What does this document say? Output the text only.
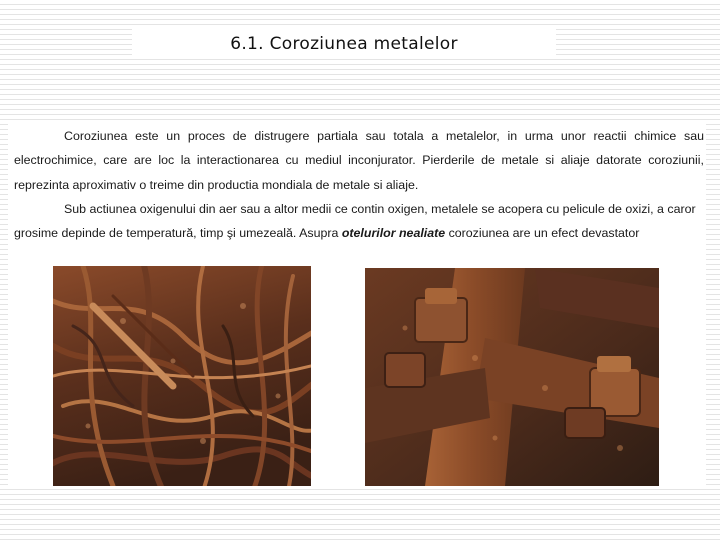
6.1. Coroziunea metalelor

Coroziunea este un proces de distrugere partiala sau totala a metalelor, in urma unor reactii chimice sau electrochimice, care are loc la interactionarea cu mediul inconjurator. Pierderile de metale si aliaje datorate coroziunii, reprezinta aproximativ o treime din productia mondiala de metale si aliaje.

Sub actiunea oxigenului din aer sau a altor medii ce contin oxigen, metalele se acopera cu pelicule de oxizi, a caror grosime depinde de temperatură, timp şi umezeală. Asupra otelurilor nealiate coroziunea are un efect devastator
